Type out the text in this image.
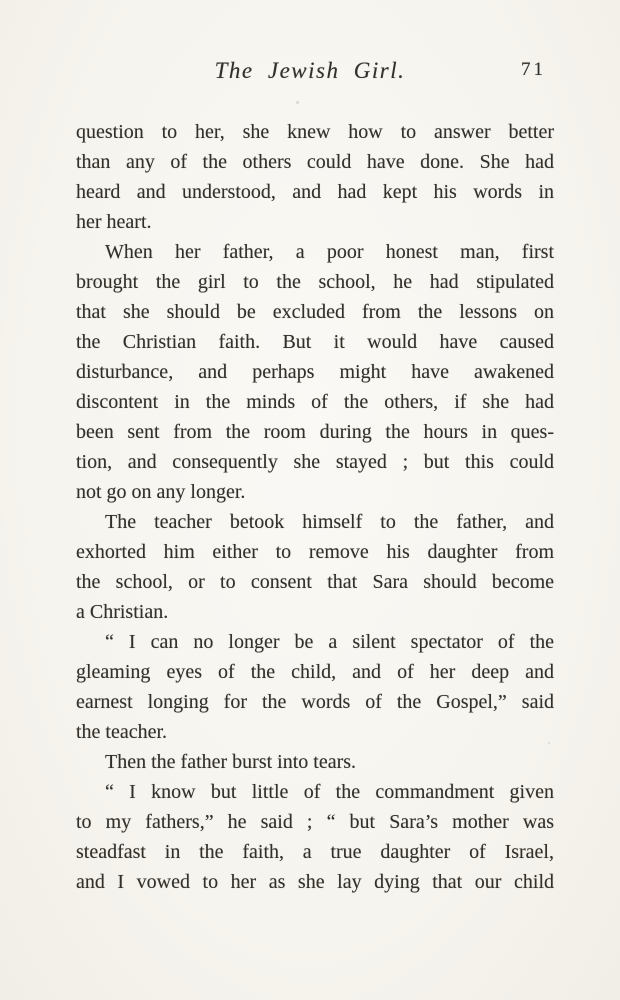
The Jewish Girl.	71
question to her, she knew how to answer better
than any of the others could have done. She had
heard and understood, and had kept his words in
her heart.
When her father, a poor honest man, first
brought the girl to the school, he had stipulated
that she should be excluded from the lessons on
the Christian faith. But it would have caused
disturbance, and perhaps might have awakened
discontent in the minds of the others, if she had
been sent from the room during the hours in ques-
tion, and consequently she stayed ; but this could
not go on any longer.
The teacher betook himself to the father, and
exhorted him either to remove his daughter from
the school, or to consent that Sara should become
a Christian.
“ I can no longer be a silent spectator of the
gleaming eyes of the child, and of her deep and
earnest longing for the words of the Gospel,” said
the teacher.
Then the father burst into tears.
“ I know but little of the commandment given
to my fathers,” he said ; “ but Sara’s mother was
steadfast in the faith, a true daughter of Israel,
and I vowed to her as she lay dying that our child
